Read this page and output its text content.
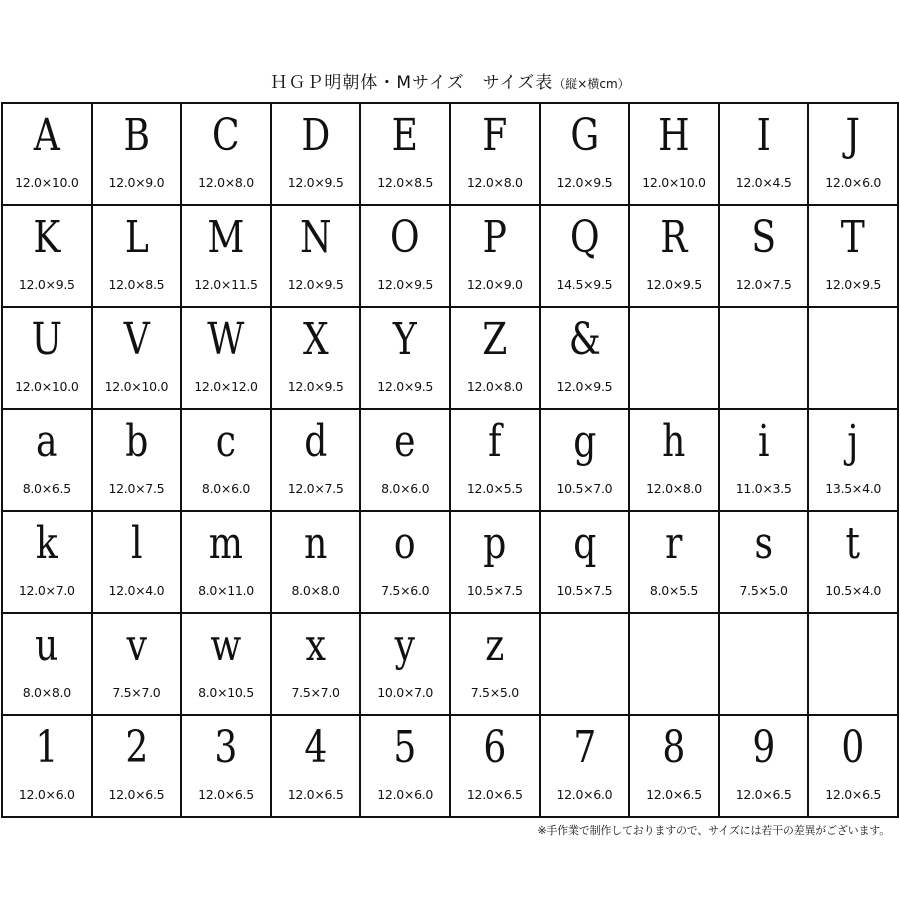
ＨＧＰ明朝体・Mサイズ　サイズ表（縦×横cm）
A
12.0×10.0
B
12.0×9.0
C
12.0×8.0
D
12.0×9.5
E
12.0×8.5
F
12.0×8.0
G
12.0×9.5
H
12.0×10.0
I
12.0×4.5
J
12.0×6.0
K
12.0×9.5
L
12.0×8.5
M
12.0×11.5
N
12.0×9.5
O
12.0×9.5
P
12.0×9.0
Q
14.5×9.5
R
12.0×9.5
S
12.0×7.5
T
12.0×9.5
U
12.0×10.0
V
12.0×10.0
W
12.0×12.0
X
12.0×9.5
Y
12.0×9.5
Z
12.0×8.0
&
12.0×9.5
a
8.0×6.5
b
12.0×7.5
c
8.0×6.0
d
12.0×7.5
e
8.0×6.0
f
12.0×5.5
g
10.5×7.0
h
12.0×8.0
i
11.0×3.5
j
13.5×4.0
k
12.0×7.0
l
12.0×4.0
m
8.0×11.0
n
8.0×8.0
o
7.5×6.0
p
10.5×7.5
q
10.5×7.5
r
8.0×5.5
s
7.5×5.0
t
10.5×4.0
u
8.0×8.0
v
7.5×7.0
w
8.0×10.5
x
7.5×7.0
y
10.0×7.0
z
7.5×5.0
1
12.0×6.0
2
12.0×6.5
3
12.0×6.5
4
12.0×6.5
5
12.0×6.0
6
12.0×6.5
7
12.0×6.0
8
12.0×6.5
9
12.0×6.5
0
12.0×6.5
※手作業で制作しておりますので、サイズには若干の差異がございます。
